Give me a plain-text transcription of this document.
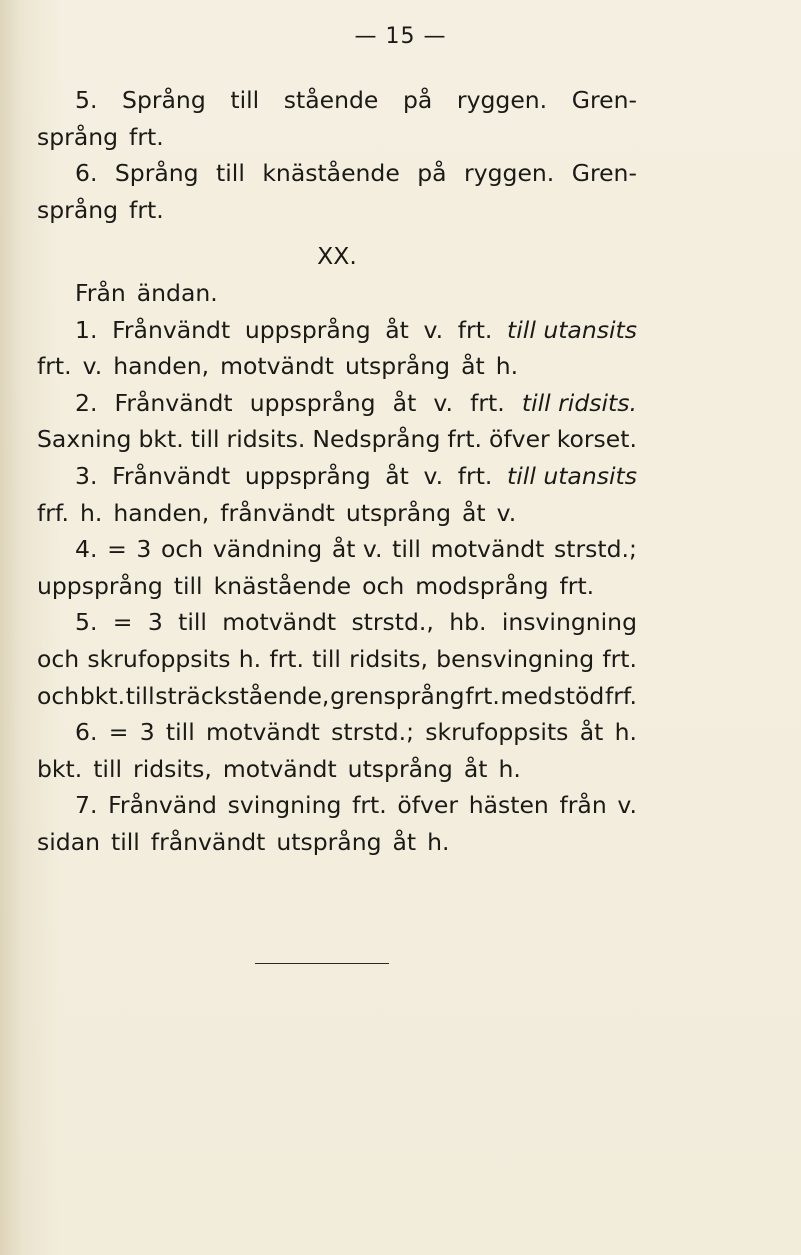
— 15 —
5. Språng till stående på ryggen. Gren-
språng frt.
6. Språng till knästående på ryggen. Gren-
språng frt.
XX.
Från ändan.
1. Frånvändt uppsprång åt v. frt. till utansits
frt. v. handen, motvändt utsprång åt h.
2. Frånvändt uppsprång åt v. frt. till ridsits.
Saxning bkt. till ridsits. Nedsprång frt. öfver korset.
3. Frånvändt uppsprång åt v. frt. till utansits
frf. h. handen, frånvändt utsprång åt v.
4. = 3 och vändning åt v. till motvändt strstd.;
uppsprång till knästående och modsprång frt.
5. = 3 till motvändt strstd., hb. insvingning
och skrufoppsits h. frt. till ridsits, bensvingning frt.
och bkt. till sträckstående, grensprång frt. med stöd frf.
6. = 3 till motvändt strstd.; skrufoppsits åt h.
bkt. till ridsits, motvändt utsprång åt h.
7. Frånvänd svingning frt. öfver hästen från v.
sidan till frånvändt utsprång åt h.
